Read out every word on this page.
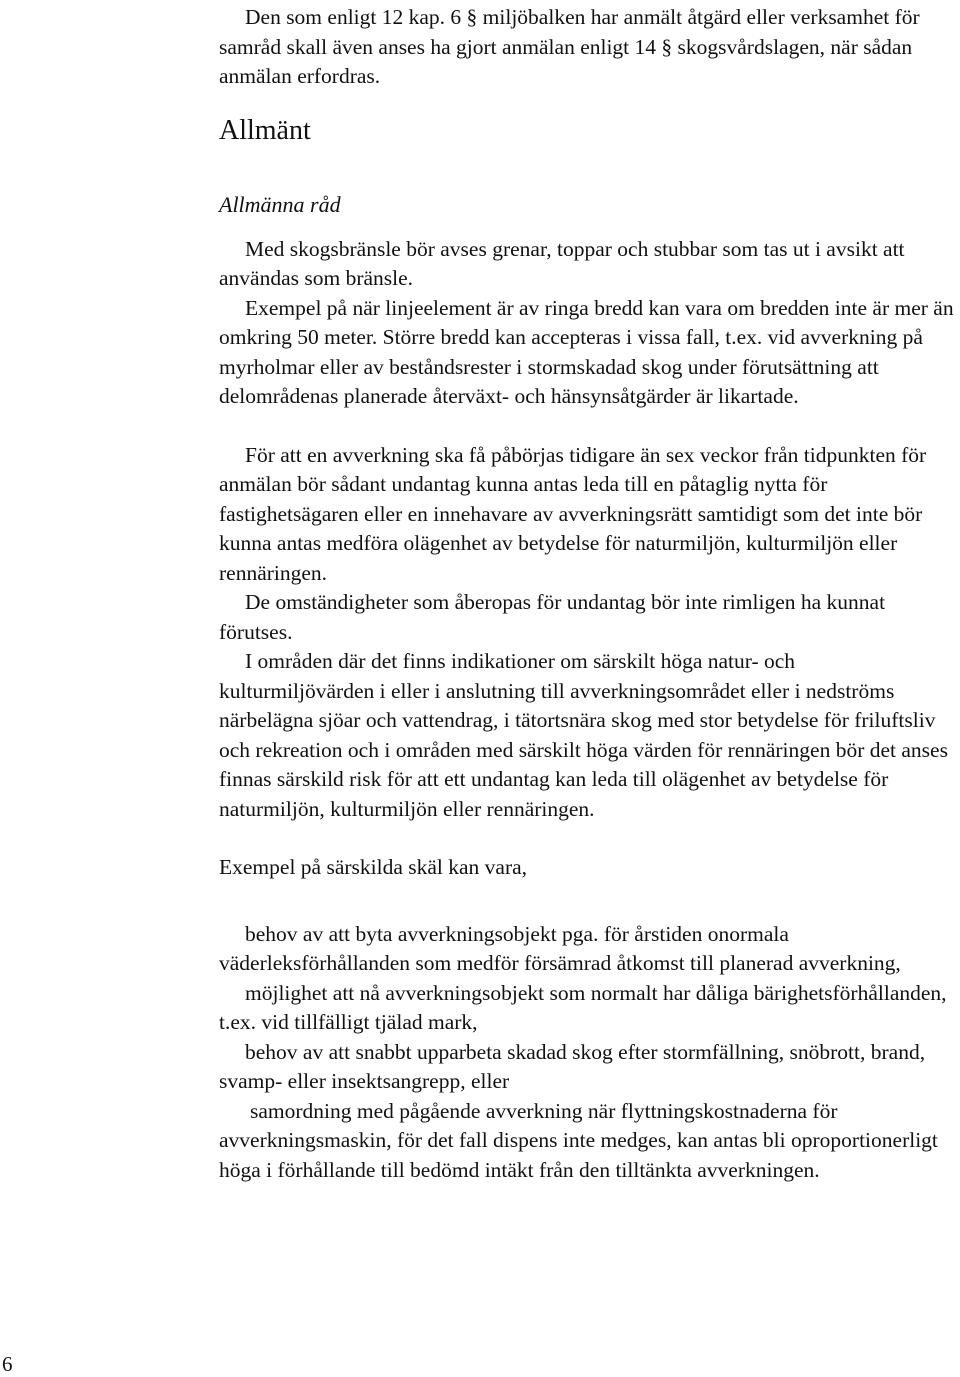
Den som enligt 12 kap. 6 § miljöbalken har anmält åtgärd eller verksamhet för samråd skall även anses ha gjort anmälan enligt 14 § skogsvårdslagen, när sådan anmälan erfordras.

Allmänt

Allmänna råd

Med skogsbränsle bör avses grenar, toppar och stubbar som tas ut i avsikt att användas som bränsle.

Exempel på när linjeelement är av ringa bredd kan vara om bredden inte är mer än omkring 50 meter. Större bredd kan accepteras i vissa fall, t.ex. vid avverkning på myrholmar eller av beståndsrester i stormskadad skog under förutsättning att delområdenas planerade återväxt- och hänsynsåtgärder är likartade.

För att en avverkning ska få påbörjas tidigare än sex veckor från tidpunkten för anmälan bör sådant undantag kunna antas leda till en påtaglig nytta för fastighetsägaren eller en innehavare av avverkningsrätt samtidigt som det inte bör kunna antas medföra olägenhet av betydelse för naturmiljön, kulturmiljön eller rennäringen.

De omständigheter som åberopas för undantag bör inte rimligen ha kunnat förutses.

I områden där det finns indikationer om särskilt höga natur- och kulturmiljövärden i eller i anslutning till avverkningsområdet eller i nedströms närbelägna sjöar och vattendrag, i tätortsnära skog med stor betydelse för friluftsliv och rekreation och i områden med särskilt höga värden för rennäringen bör det anses finnas särskild risk för att ett undantag kan leda till olägenhet av betydelse för naturmiljön, kulturmiljön eller rennäringen.

Exempel på särskilda skäl kan vara,

behov av att byta avverkningsobjekt pga. för årstiden onormala väderleksförhållanden som medför försämrad åtkomst till planerad avverkning,

möjlighet att nå avverkningsobjekt som normalt har dåliga bärighetsförhållanden, t.ex. vid tillfälligt tjälad mark,

behov av att snabbt upparbeta skadad skog efter stormfällning, snöbrott, brand, svamp- eller insektsangrepp, eller

samordning med pågående avverkning när flyttningskostnaderna för avverkningsmaskin, för det fall dispens inte medges, kan antas bli oproportionerligt höga i förhållande till bedömd intäkt från den tilltänkta avverkningen.

6
